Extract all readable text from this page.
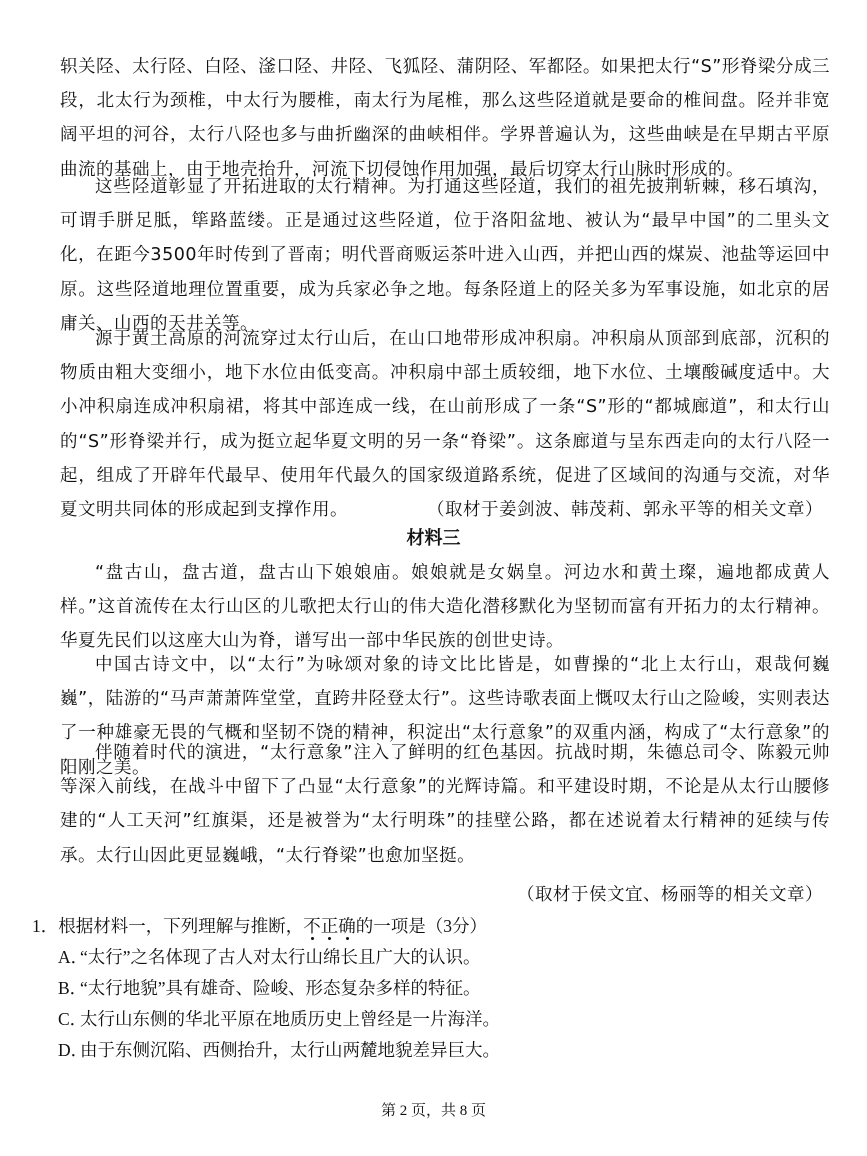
轵关陉、太行陉、白陉、滏口陉、井陉、飞狐陉、蒲阴陉、军都陉。如果把太行“S”形脊梁分成三段，北太行为颈椎，中太行为腰椎，南太行为尾椎，那么这些陉道就是要命的椎间盘。陉并非宽阔平坦的河谷，太行八陉也多与曲折幽深的曲峡相伴。学界普遍认为，这些曲峡是在早期古平原曲流的基础上，由于地壳抬升，河流下切侵蚀作用加强，最后切穿太行山脉时形成的。

这些陉道彰显了开拓进取的太行精神。为打通这些陉道，我们的祖先披荆斩棘，移石填沟，可谓手胼足胝，筚路蓝缕。正是通过这些陉道，位于洛阳盆地、被认为“最早中国”的二里头文化，在距今3500年时传到了晋南；明代晋商贩运茶叶进入山西，并把山西的煤炭、池盐等运回中原。这些陉道地理位置重要，成为兵家必争之地。每条陉道上的陉关多为军事设施，如北京的居庸关、山西的天井关等。

源于黄土高原的河流穿过太行山后，在山口地带形成冲积扇。冲积扇从顶部到底部，沉积的物质由粗大变细小，地下水位由低变高。冲积扇中部土质较细，地下水位、土壤酸碱度适中。大小冲积扇连成冲积扇裙，将其中部连成一线，在山前形成了一条“S”形的“都城廊道”，和太行山的“S”形脊梁并行，成为挺立起华夏文明的另一条“脊梁”。这条廊道与呈东西走向的太行八陉一起，组成了开辟年代最早、使用年代最久的国家级道路系统，促进了区域间的沟通与交流，对华夏文明共同体的形成起到支撑作用。	（取材于姜剑波、韩茂莉、郭永平等的相关文章）

材料三

“盘古山，盘古道，盘古山下娘娘庙。娘娘就是女娲皇。河边水和黄土璨，遍地都成黄人样。”这首流传在太行山区的儿歌把太行山的伟大造化潜移默化为坚韧而富有开拓力的太行精神。华夏先民们以这座大山为脊，谱写出一部中华民族的创世史诗。

中国古诗文中，以“太行”为咏颂对象的诗文比比皆是，如曹操的“北上太行山，艰哉何巍巍”，陆游的“马声萧萧阵堂堂，直跨井陉登太行”。这些诗歌表面上慨叹太行山之险峻，实则表达了一种雄豪无畏的气概和坚韧不饶的精神，积淀出“太行意象”的双重内涵，构成了“太行意象”的阳刚之美。

伴随着时代的演进，“太行意象”注入了鲜明的红色基因。抗战时期，朱德总司令、陈毅元帅等深入前线，在战斗中留下了凸显“太行意象”的光辉诗篇。和平建设时期，不论是从太行山腰修建的“人工天河”红旗渠，还是被誉为“太行明珠”的挂壁公路，都在述说着太行精神的延续与传承。太行山因此更显巍峨，“太行脊梁”也愈加坚挺。

（取材于侯文宜、杨丽等的相关文章）

1．根据材料一，下列理解与推断，不正确的一项是（3分）

A．“太行”之名体现了古人对太行山绵长且广大的认识。
B．“太行地貌”具有雄奇、险峻、形态复杂多样的特征。
C．太行山东侧的华北平原在地质历史上曾经是一片海洋。
D．由于东侧沉陷、西侧抬升，太行山两麓地貌差异巨大。

第 2 页，共 8 页
